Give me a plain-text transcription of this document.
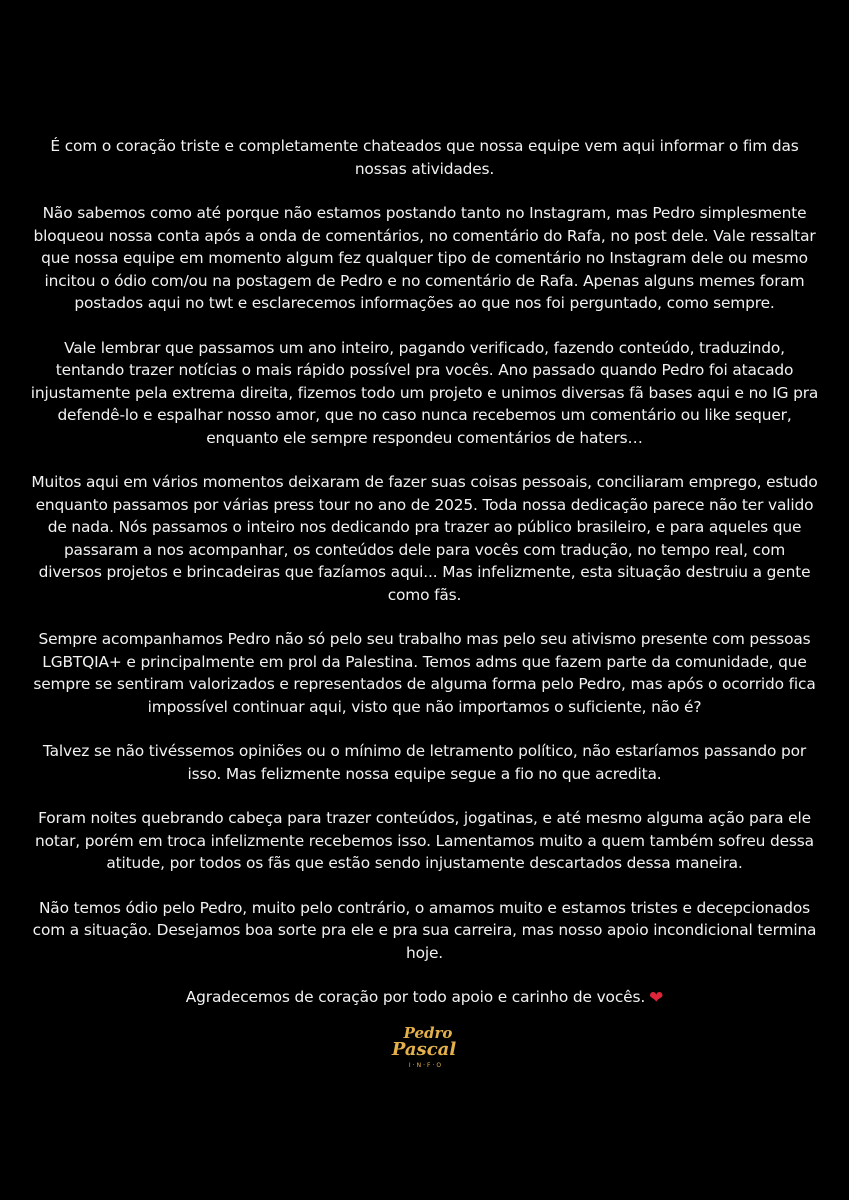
É com o coração triste e completamente chateados que nossa equipe vem aqui informar o fim das nossas atividades.

Não sabemos como até porque não estamos postando tanto no Instagram, mas Pedro simplesmente bloqueou nossa conta após a onda de comentários, no comentário do Rafa, no post dele. Vale ressaltar que nossa equipe em momento algum fez qualquer tipo de comentário no Instagram dele ou mesmo incitou o ódio com/ou na postagem de Pedro e no comentário de Rafa. Apenas alguns memes foram postados aqui no twt e esclarecemos informações ao que nos foi perguntado, como sempre.

Vale lembrar que passamos um ano inteiro, pagando verificado, fazendo conteúdo, traduzindo, tentando trazer notícias o mais rápido possível pra vocês. Ano passado quando Pedro foi atacado injustamente pela extrema direita, fizemos todo um projeto e unimos diversas fã bases aqui e no IG pra defendê-lo e espalhar nosso amor, que no caso nunca recebemos um comentário ou like sequer, enquanto ele sempre respondeu comentários de haters…

Muitos aqui em vários momentos deixaram de fazer suas coisas pessoais, conciliaram emprego, estudo enquanto passamos por várias press tour no ano de 2025. Toda nossa dedicação parece não ter valido de nada. Nós passamos o inteiro nos dedicando pra trazer ao público brasileiro, e para aqueles que passaram a nos acompanhar, os conteúdos dele para vocês com tradução, no tempo real, com diversos projetos e brincadeiras que fazíamos aqui... Mas infelizmente, esta situação destruiu a gente como fãs.

Sempre acompanhamos Pedro não só pelo seu trabalho mas pelo seu ativismo presente com pessoas LGBTQIA+ e principalmente em prol da Palestina. Temos adms que fazem parte da comunidade, que sempre se sentiram valorizados e representados de alguma forma pelo Pedro, mas após o ocorrido fica impossível continuar aqui, visto que não importamos o suficiente, não é?

Talvez se não tivéssemos opiniões ou o mínimo de letramento político, não estaríamos passando por isso. Mas felizmente nossa equipe segue a fio no que acredita.

Foram noites quebrando cabeça para trazer conteúdos, jogatinas, e até mesmo alguma ação para ele notar, porém em troca infelizmente recebemos isso. Lamentamos muito a quem também sofreu dessa atitude, por todos os fãs que estão sendo injustamente descartados dessa maneira.

Não temos ódio pelo Pedro, muito pelo contrário, o amamos muito e estamos tristes e decepcionados com a situação. Desejamos boa sorte pra ele e pra sua carreira, mas nosso apoio incondicional termina hoje.

Agradecemos de coração por todo apoio e carinho de vocês. ❤

Pedro
Pascal
I·N·F·O
